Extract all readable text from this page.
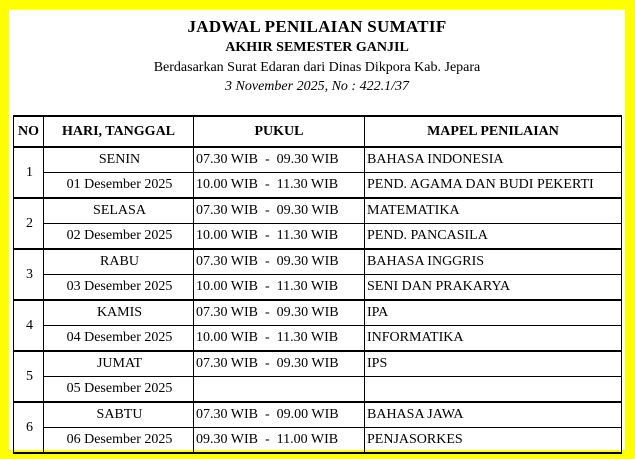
JADWAL PENILAIAN SUMATIF
AKHIR SEMESTER GANJIL
Berdasarkan Surat Edaran dari Dinas Dikpora Kab. Jepara
3 November 2025, No : 422.1/37
NO	HARI, TANGGAL	PUKUL	MAPEL PENILAIAN
1	SENIN	07.30 WIB  -  09.30 WIB	BAHASA INDONESIA
	01 Desember 2025	10.00 WIB  -  11.30 WIB	PEND. AGAMA DAN BUDI PEKERTI
2	SELASA	07.30 WIB  -  09.30 WIB	MATEMATIKA
	02 Desember 2025	10.00 WIB  -  11.30 WIB	PEND. PANCASILA
3	RABU	07.30 WIB  -  09.30 WIB	BAHASA INGGRIS
	03 Desember 2025	10.00 WIB  -  11.30 WIB	SENI DAN PRAKARYA
4	KAMIS	07.30 WIB  -  09.30 WIB	IPA
	04 Desember 2025	10.00 WIB  -  11.30 WIB	INFORMATIKA
5	JUMAT	07.30 WIB  -  09.30 WIB	IPS
	05 Desember 2025		
6	SABTU	07.30 WIB  -  09.00 WIB	BAHASA JAWA
	06 Desember 2025	09.30 WIB  -  11.00 WIB	PENJASORKES
